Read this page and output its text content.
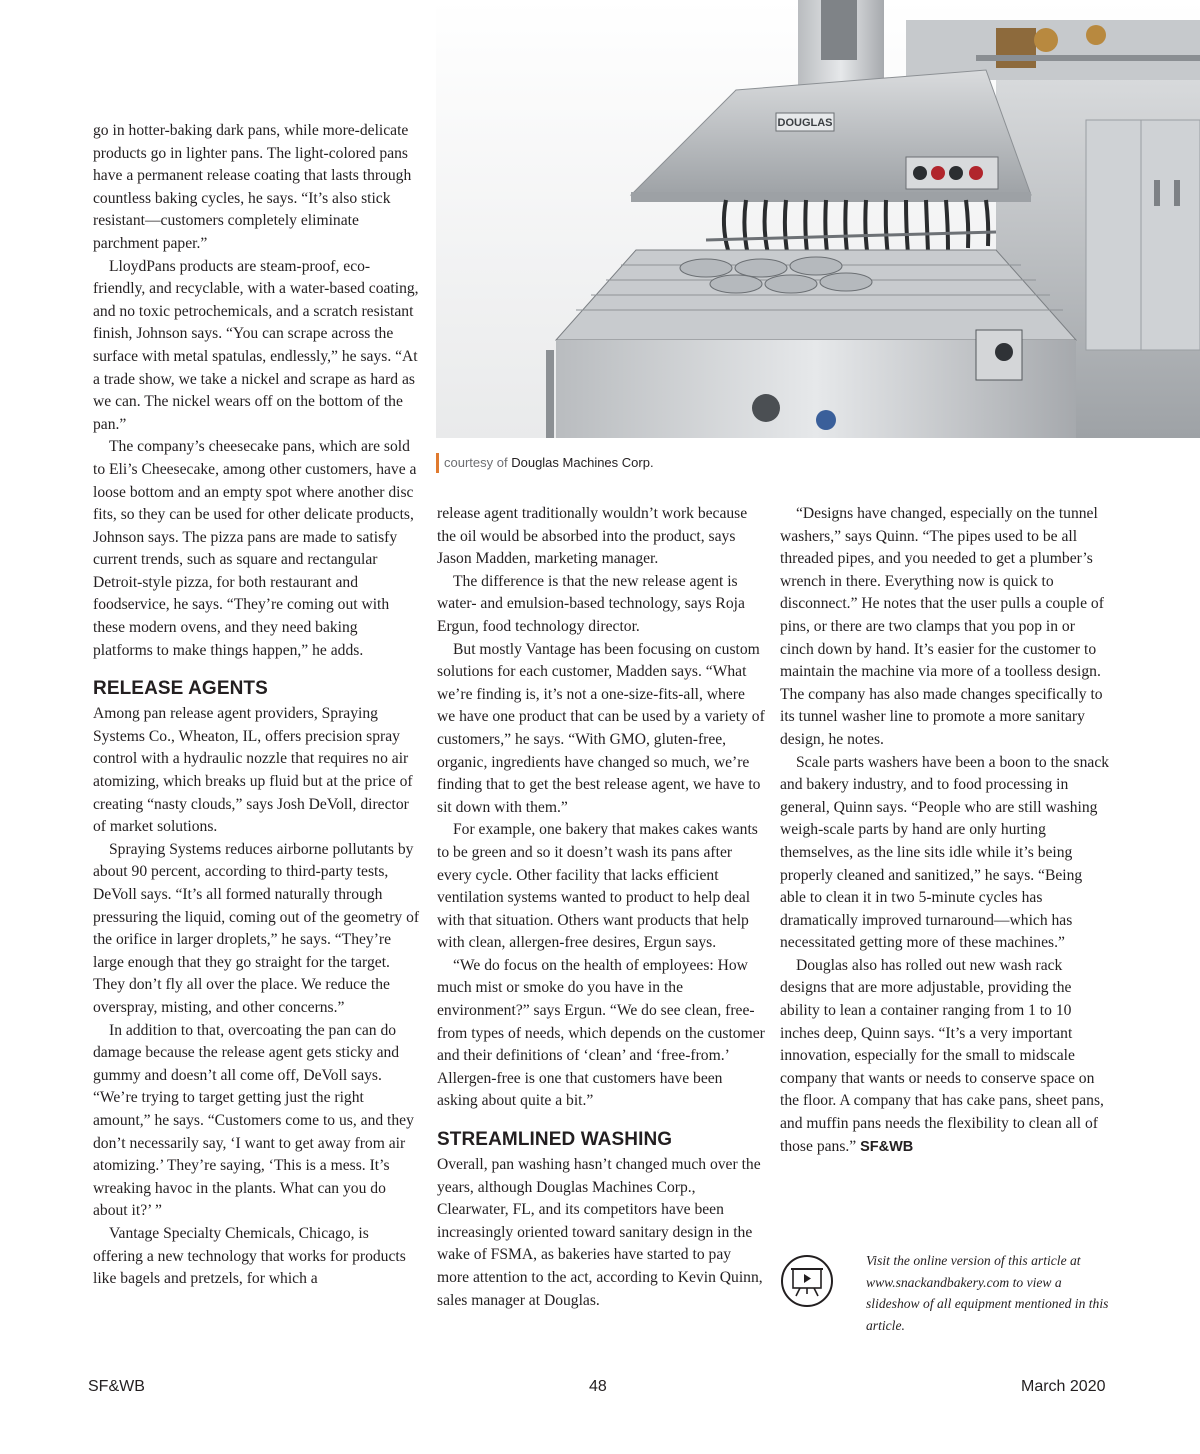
go in hotter-baking dark pans, while more-delicate products go in lighter pans. The light-colored pans have a permanent release coating that lasts through countless baking cycles, he says. “It’s also stick resistant—customers completely eliminate parchment paper.”

LloydPans products are steam-proof, eco-friendly, and recyclable, with a water-based coating, and no toxic petrochemicals, and a scratch resistant finish, Johnson says. “You can scrape across the surface with metal spatulas, endlessly,” he says. “At a trade show, we take a nickel and scrape as hard as we can. The nickel wears off on the bottom of the pan.”

The company’s cheesecake pans, which are sold to Eli’s Cheesecake, among other customers, have a loose bottom and an empty spot where another disc fits, so they can be used for other delicate products, Johnson says. The pizza pans are made to satisfy current trends, such as square and rectangular Detroit-style pizza, for both restaurant and foodservice, he says. “They’re coming out with these modern ovens, and they need baking platforms to make things happen,” he adds.

RELEASE AGENTS

Among pan release agent providers, Spraying Systems Co., Wheaton, IL, offers precision spray control with a hydraulic nozzle that requires no air atomizing, which breaks up fluid but at the price of creating “nasty clouds,” says Josh DeVoll, director of market solutions.

Spraying Systems reduces airborne pollutants by about 90 percent, according to third-party tests, DeVoll says. “It’s all formed naturally through pressuring the liquid, coming out of the geometry of the orifice in larger droplets,” he says. “They’re large enough that they go straight for the target. They don’t fly all over the place. We reduce the overspray, misting, and other concerns.”

In addition to that, overcoating the pan can do damage because the release agent gets sticky and gummy and doesn’t all come off, DeVoll says. “We’re trying to target getting just the right amount,” he says. “Customers come to us, and they don’t necessarily say, ‘I want to get away from air atomizing.’ They’re saying, ‘This is a mess. It’s wreaking havoc in the plants. What can you do about it?’ ”

Vantage Specialty Chemicals, Chicago, is offering a new technology that works for products like bagels and pretzels, for which a

DOUGLAS
courtesy of Douglas Machines Corp.

release agent traditionally wouldn’t work because the oil would be absorbed into the product, says Jason Madden, marketing manager.

The difference is that the new release agent is water- and emulsion-based technology, says Roja Ergun, food technology director.

But mostly Vantage has been focusing on custom solutions for each customer, Madden says. “What we’re finding is, it’s not a one-size-fits-all, where we have one product that can be used by a variety of customers,” he says. “With GMO, gluten-free, organic, ingredients have changed so much, we’re finding that to get the best release agent, we have to sit down with them.”

For example, one bakery that makes cakes wants to be green and so it doesn’t wash its pans after every cycle. Other facility that lacks efficient ventilation systems wanted to product to help deal with that situation. Others want products that help with clean, allergen-free desires, Ergun says.

“We do focus on the health of employees: How much mist or smoke do you have in the environment?” says Ergun. “We do see clean, free-from types of needs, which depends on the customer and their definitions of ‘clean’ and ‘free-from.’ Allergen-free is one that customers have been asking about quite a bit.”

STREAMLINED WASHING

Overall, pan washing hasn’t changed much over the years, although Douglas Machines Corp., Clearwater, FL, and its competitors have been increasingly oriented toward sanitary design in the wake of FSMA, as bakeries have started to pay more attention to the act, according to Kevin Quinn, sales manager at Douglas.

“Designs have changed, especially on the tunnel washers,” says Quinn. “The pipes used to be all threaded pipes, and you needed to get a plumber’s wrench in there. Everything now is quick to disconnect.” He notes that the user pulls a couple of pins, or there are two clamps that you pop in or cinch down by hand. It’s easier for the customer to maintain the machine via more of a toolless design. The company has also made changes specifically to its tunnel washer line to promote a more sanitary design, he notes.

Scale parts washers have been a boon to the snack and bakery industry, and to food processing in general, Quinn says. “People who are still washing weigh-scale parts by hand are only hurting themselves, as the line sits idle while it’s being properly cleaned and sanitized,” he says. “Being able to clean it in two 5-minute cycles has dramatically improved turnaround—which has necessitated getting more of these machines.”

Douglas also has rolled out new wash rack designs that are more adjustable, providing the ability to lean a container ranging from 1 to 10 inches deep, Quinn says. “It’s a very important innovation, especially for the small to midscale company that wants or needs to conserve space on the floor. A company that has cake pans, sheet pans, and muffin pans needs the flexibility to clean all of those pans.” SF&WB

Visit the online version of this article at www.snackandbakery.com to view a slideshow of all equipment mentioned in this article.
SF&WB	48	March 2020
